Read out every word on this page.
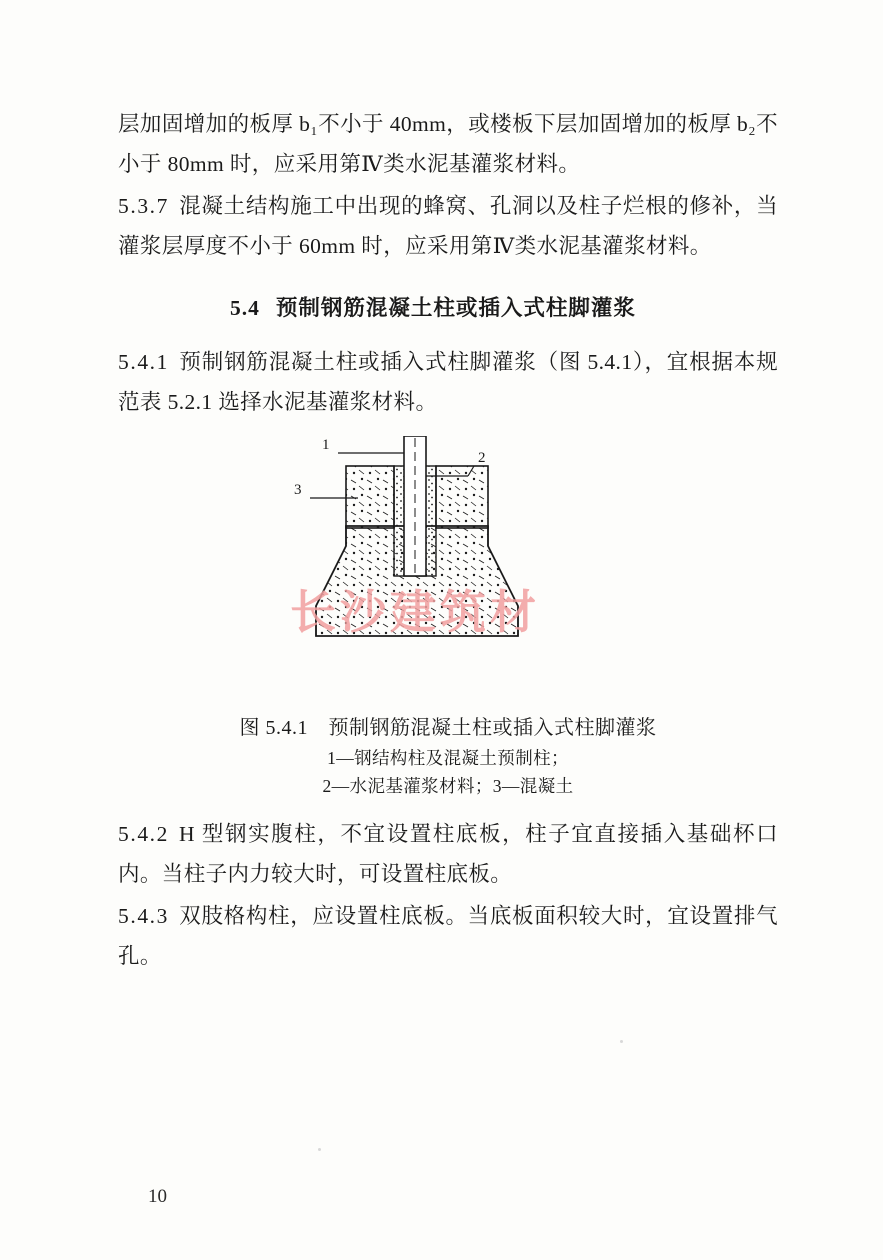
层加固增加的板厚 b₁不小于 40mm，或楼板下层加固增加的板厚 b₂不小于 80mm 时，应采用第Ⅳ类水泥基灌浆材料。

5.3.7 混凝土结构施工中出现的蜂窝、孔洞以及柱子烂根的修补，当灌浆层厚度不小于 60mm 时，应采用第Ⅳ类水泥基灌浆材料。

5.4 预制钢筋混凝土柱或插入式柱脚灌浆

5.4.1 预制钢筋混凝土柱或插入式柱脚灌浆（图 5.4.1），宜根据本规范表 5.2.1 选择水泥基灌浆材料。

1
2
3
长沙建筑材
图 5.4.1　预制钢筋混凝土柱或插入式柱脚灌浆
1—钢结构柱及混凝土预制柱；
2—水泥基灌浆材料；3—混凝土

5.4.2 H 型钢实腹柱，不宜设置柱底板，柱子宜直接插入基础杯口内。当柱子内力较大时，可设置柱底板。

5.4.3 双肢格构柱，应设置柱底板。当底板面积较大时，宜设置排气孔。

10
